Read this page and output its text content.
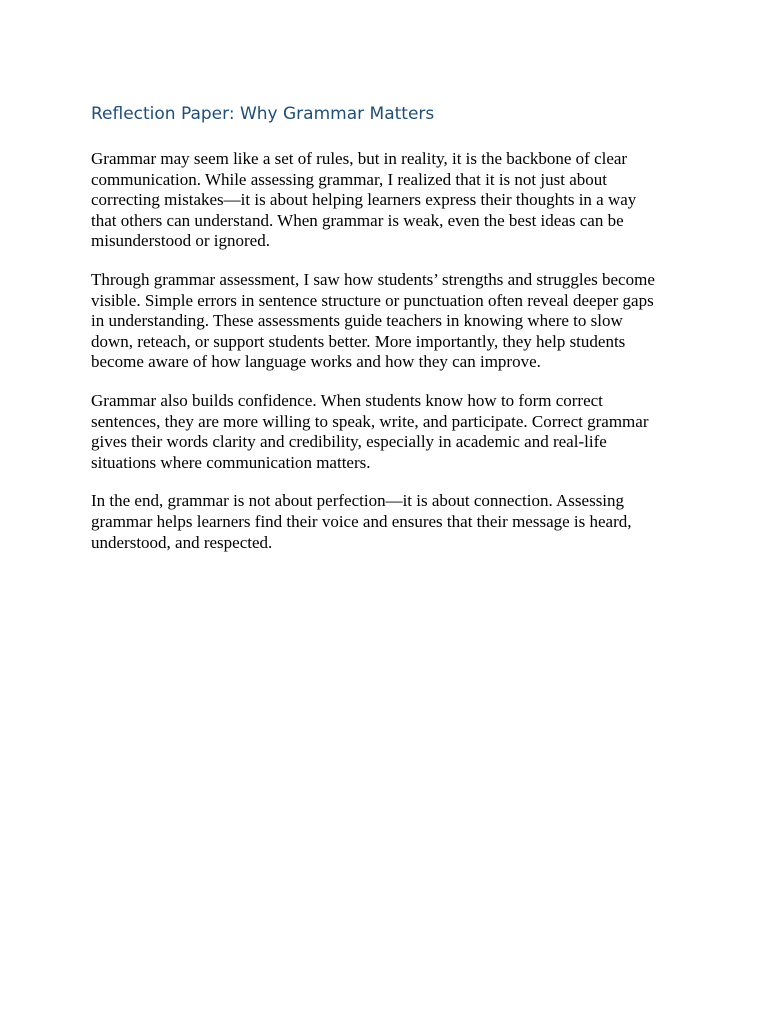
Reflection Paper: Why Grammar Matters

Grammar may seem like a set of rules, but in reality, it is the backbone of clear
communication. While assessing grammar, I realized that it is not just about
correcting mistakes—it is about helping learners express their thoughts in a way
that others can understand. When grammar is weak, even the best ideas can be
misunderstood or ignored.

Through grammar assessment, I saw how students’ strengths and struggles become
visible. Simple errors in sentence structure or punctuation often reveal deeper gaps
in understanding. These assessments guide teachers in knowing where to slow
down, reteach, or support students better. More importantly, they help students
become aware of how language works and how they can improve.

Grammar also builds confidence. When students know how to form correct
sentences, they are more willing to speak, write, and participate. Correct grammar
gives their words clarity and credibility, especially in academic and real-life
situations where communication matters.

In the end, grammar is not about perfection—it is about connection. Assessing
grammar helps learners find their voice and ensures that their message is heard,
understood, and respected.
